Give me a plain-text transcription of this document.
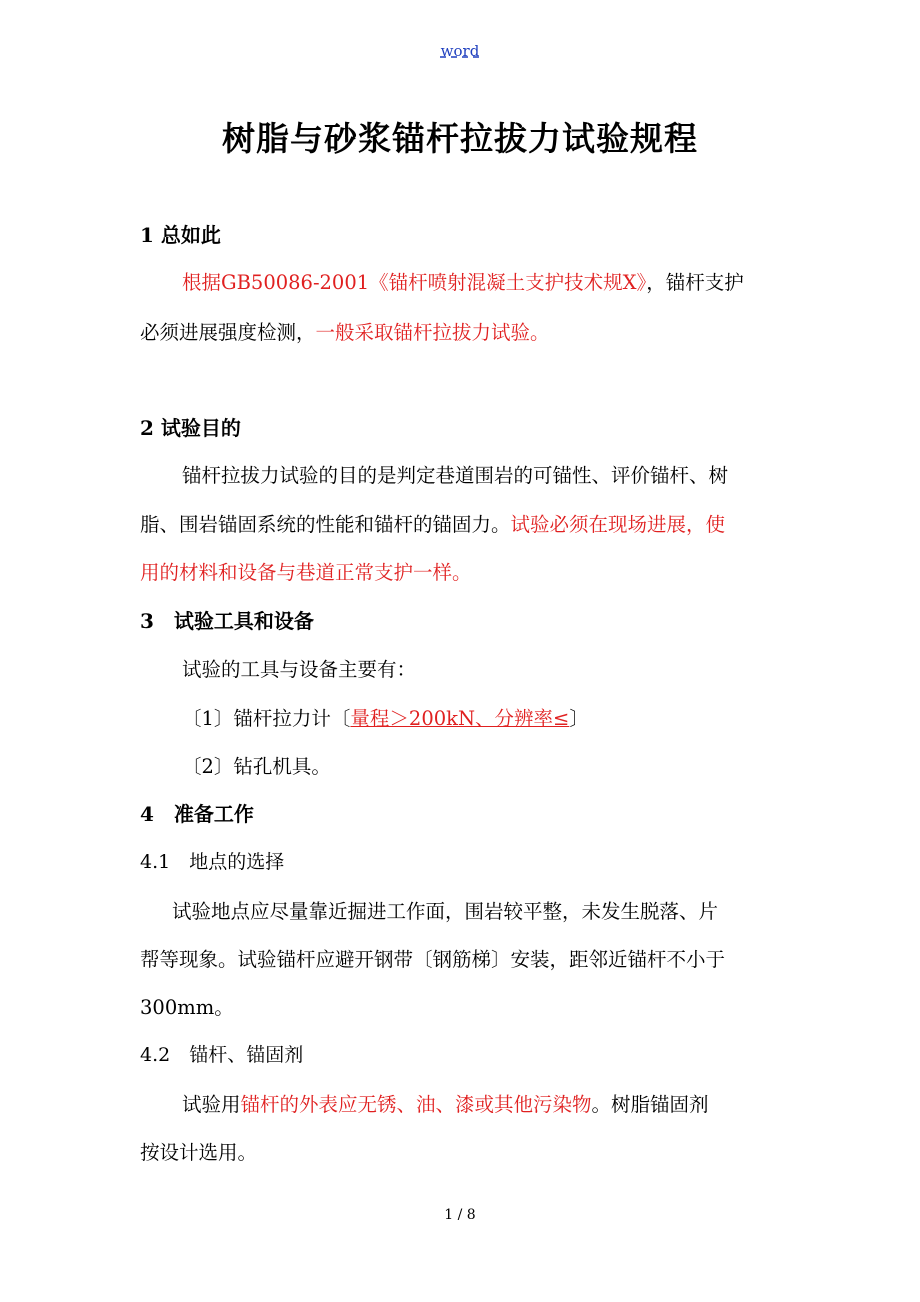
word
树脂与砂浆锚杆拉拔力试验规程
1 总如此
根据GB50086-2001《锚杆喷射混凝土支护技术规X》，锚杆支护
必须进展强度检测，一般采取锚杆拉拔力试验。
2 试验目的
锚杆拉拔力试验的目的是判定巷道围岩的可锚性、评价锚杆、树
脂、围岩锚固系统的性能和锚杆的锚固力。试验必须在现场进展，使
用的材料和设备与巷道正常支护一样。
3　试验工具和设备
试验的工具与设备主要有：
〔1〕锚杆拉力计〔量程＞200kN、分辨率≤〕
〔2〕钻孔机具。
4　准备工作
4.1　地点的选择
试验地点应尽量靠近掘进工作面，围岩较平整，未发生脱落、片
帮等现象。试验锚杆应避开钢带〔钢筋梯〕安装，距邻近锚杆不小于
300mm。
4.2　锚杆、锚固剂
试验用锚杆的外表应无锈、油、漆或其他污染物。树脂锚固剂
按设计选用。
1 / 8
